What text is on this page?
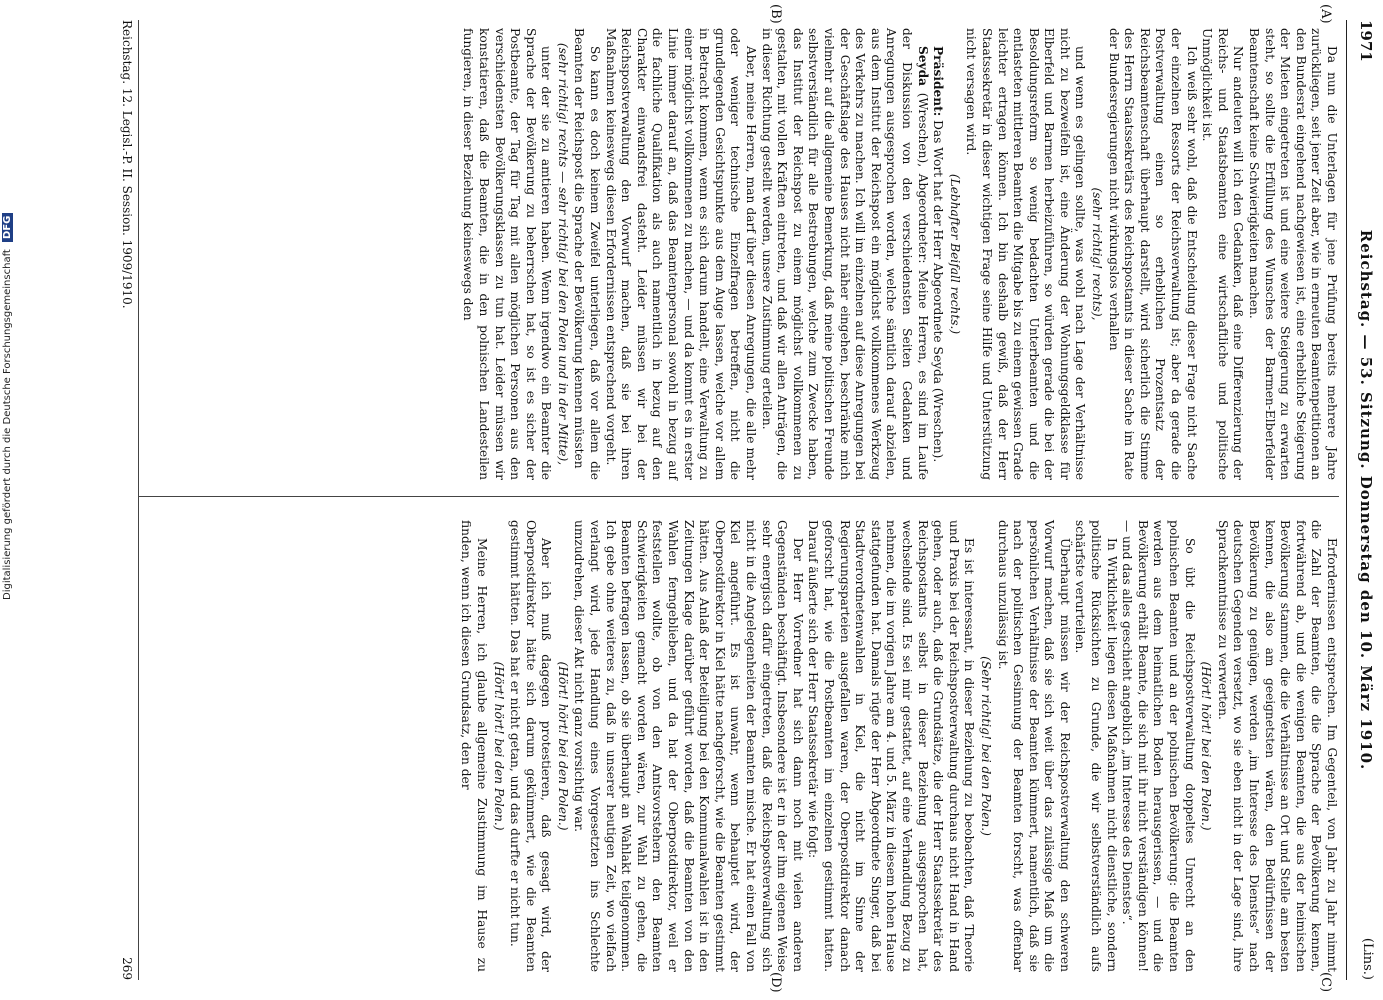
1971
Reichstag. — 53. Sitzung. Donnerstag den 10. März 1910.
(Lins.)
(A)
(B)
(C)
(D)

Da nun die Unterlagen für jene Prüfung bereits mehrere Jahre zurückliegen, seit jener Zeit aber, wie in erneuten Beamtenpetitionen an den Bundesrat eingehend nachgewiesen ist, eine erhebliche Steigerung der Mieten eingetreten ist und eine weitere Steigerung zu erwarten steht, so sollte die Erfüllung des Wunsches der Barmen-Elberfelder Beamtenschaft keine Schwierigkeiten machen.

Nur andeuten will ich den Gedanken, daß eine Differenzierung der Reichs- und Staatsbeamten eine wirtschaftliche und politische Unmöglichkeit ist.

Ich weiß sehr wohl, daß die Entscheidung dieser Frage nicht Sache der einzelnen Ressorts der Reichsverwaltung ist; aber da gerade die Postverwaltung einen so erheblichen Prozentsatz der Reichsbeamtenschaft überhaupt darstellt, wird sicherlich die Stimme des Herrn Staatssekretärs des Reichspostamts in dieser Sache im Rate der Bundesregierungen nicht wirkungslos verhallen

(sehr richtig! rechts),

und wenn es gelingen sollte, was wohl nach Lage der Verhältnisse nicht zu bezweifeln ist, eine Änderung der Wohnungsgeldklasse für Elberfeld und Barmen herbeizuführen, so würden gerade die bei der Besoldungsreform so wenig bedachten Unterbeamten und die entlasteten mittleren Beamten die Mitgabe bis zu einem gewissen Grade leichter ertragen können. Ich bin deshalb gewiß, daß der Herr Staatssekretär in dieser wichtigen Frage seine Hilfe und Unterstützung nicht versagen wird.

(Lebhafter Beifall rechts.)

Präsident: Das Wort hat der Herr Abgeordnete Seyda (Wreschen).

Seyda (Wreschen), Abgeordneter: Meine Herren, es sind im Laufe der Diskussion von den verschiedensten Seiten Gedanken und Anregungen ausgesprochen worden, welche sämtlich darauf abzielen, aus dem Institut der Reichspost ein möglichst vollkommenes Werkzeug des Verkehrs zu machen. Ich will im einzelnen auf diese Anregungen bei der Geschäftslage des Hauses nicht näher eingehen, beschränke mich vielmehr auf die allgemeine Bemerkung, daß meine politischen Freunde selbstverständlich für alle Bestrebungen, welche zum Zwecke haben, das Institut der Reichspost zu einem möglichst vollkommenen zu gestalten, mit vollen Kräften eintreten, und daß wir allen Anträgen, die in dieser Richtung gestellt werden, unsere Zustimmung erteilen.

Aber, meine Herren, man darf über diesen Anregungen, die alle mehr oder weniger technische Einzelfragen betreffen, nicht die grundlegenden Gesichtspunkte aus dem Auge lassen, welche vor allem in Betracht kommen, wenn es sich darum handelt, eine Verwaltung zu einer möglichst vollkommenen zu machen, — und da kommt es in erster Linie immer darauf an, daß das Beamtenpersonal sowohl in bezug auf die fachliche Qualifikation als auch namentlich in bezug auf den Charakter einwandsfrei dasteht. Leider müssen wir bei der Reichspostverwaltung den Vorwurf machen, daß sie bei ihren Maßnahmen keineswegs diesen Erfordernissen entsprechend vorgeht.

So kann es doch keinem Zweifel unterliegen, daß vor allem die Beamten der Reichspost die Sprache der Bevölkerung kennen müssten

(sehr richtig! rechts — sehr richtig! bei den Polen und in der Mitte),

unter der sie zu amtieren haben. Wenn irgendwo ein Beamter die Sprache der Bevölkerung zu beherrschen hat, so ist es sicher der Postbeamte, der Tag für Tag mit allen möglichen Personen aus den verschiedensten Bevölkerungsklassen zu tun hat. Leider müssen wir konstatieren, daß die Beamten, die in den polnischen Landesteilen fungieren, in dieser Beziehung keineswegs den

Erfordernissen entsprechen. Im Gegenteil, von Jahr zu Jahr nimmt die Zahl der Beamten, die die Sprache der Bevölkerung kennen, fortwährend ab, und die wenigen Beamten, die aus der heimischen Bevölkerung stammen, die die Verhältnisse an Ort und Stelle am besten kennen, die also am geeignetsten wären, den Bedürfnissen der Bevölkerung zu genügen, werden „im Interesse des Dienstes“ nach deutschen Gegenden versetzt, wo sie eben nicht in der Lage sind, ihre Sprachkenntnisse zu verwerten.

(Hört! hört! bei den Polen.)

So übt die Reichspostverwaltung doppeltes Unrecht an den polnischen Beamten und an der polnischen Bevölkerung: die Beamten werden aus dem heimatlichen Boden herausgerissen, — und die Bevölkerung erhält Beamte, die sich mit ihr nicht verständigen können! — und das alles geschieht angeblich „im Interesse des Dienstes“.

In Wirklichkeit liegen diesen Maßnahmen nicht dienstliche, sondern politische Rücksichten zu Grunde, die wir selbstverständlich aufs schärfste verurteilen.

Überhaupt müssen wir der Reichspostverwaltung den schweren Vorwurf machen, daß sie sich weit über das zulässige Maß um die persönlichen Verhältnisse der Beamten kümmert, namentlich, daß sie nach der politischen Gesinnung der Beamten forscht, was offenbar durchaus unzulässig ist.

(Sehr richtig! bei den Polen.)

Es ist interessant, in dieser Beziehung zu beobachten, daß Theorie und Praxis bei der Reichspostverwaltung durchaus nicht Hand in Hand gehen, oder auch, daß die Grundsätze, die der Herr Staatssekretär des Reichspostamts selbst in dieser Beziehung ausgesprochen hat, wechselnde sind. Es sei mir gestattet, auf eine Verhandlung Bezug zu nehmen, die im vorigen Jahre am 4. und 5. März in diesem hohen Hause stattgefunden hat. Damals rügte der Herr Abgeordnete Singer, daß bei Stadtverordnetenwahlen in Kiel, die nicht im Sinne der Regierungsparteien ausgefallen waren, der Oberpostdirektor danach geforscht hat, wie die Postbeamten im einzelnen gestimmt hatten. Darauf äußerte sich der Herr Staatssekretär wie folgt:

Der Herr Vorredner hat sich dann noch mit vielen anderen Gegenständen beschäftigt. Insbesondere ist er in der ihm eigenen Weise sehr energisch dafür eingetreten, daß die Reichspostverwaltung sich nicht in die Angelegenheiten der Beamten mische. Er hat einen Fall von Kiel angeführt. Es ist unwahr, wenn behauptet wird, der Oberpostdirektor in Kiel hätte nachgeforscht, wie die Beamten gestimmt hätten. Aus Anlaß der Beteiligung bei den Kommunalwahlen ist in den Zeitungen Klage darüber geführt worden, daß die Beamten von den Wahlen ferngeblieben, und da hat der Oberpostdirektor, weil er feststellen wollte, ob von den Amtsvorstehern den Beamten Schwierigkeiten gemacht worden wären, zur Wahl zu gehen, die Beamten befragen lassen, ob sie überhaupt an Wahlakt teilgenommen. Ich gebe ohne weiteres zu, daß in unserer heutigen Zeit, wo vielfach verlangt wird, jede Handlung eines Vorgesetzten ins Schlechte umzudrehen, dieser Akt nicht ganz vorsichtig war.

(Hört! hört! bei den Polen.)

Aber ich muß dagegen protestieren, daß gesagt wird, der Oberpostdirektor hätte sich darum gekümmert, wie die Beamten gestimmt hätten. Das hat er nicht getan, und das durfte er nicht tun.

(Hört! hört! bei den Polen.)

Meine Herren, ich glaube allgemeine Zustimmung im Hause zu finden, wenn ich diesen Grundsatz, den der

Reichstag. 12. Legisl.-P. II. Session. 1909/1910.
269
Digitalisierung gefördert durch die Deutsche Forschungsgemeinschaft DFG
